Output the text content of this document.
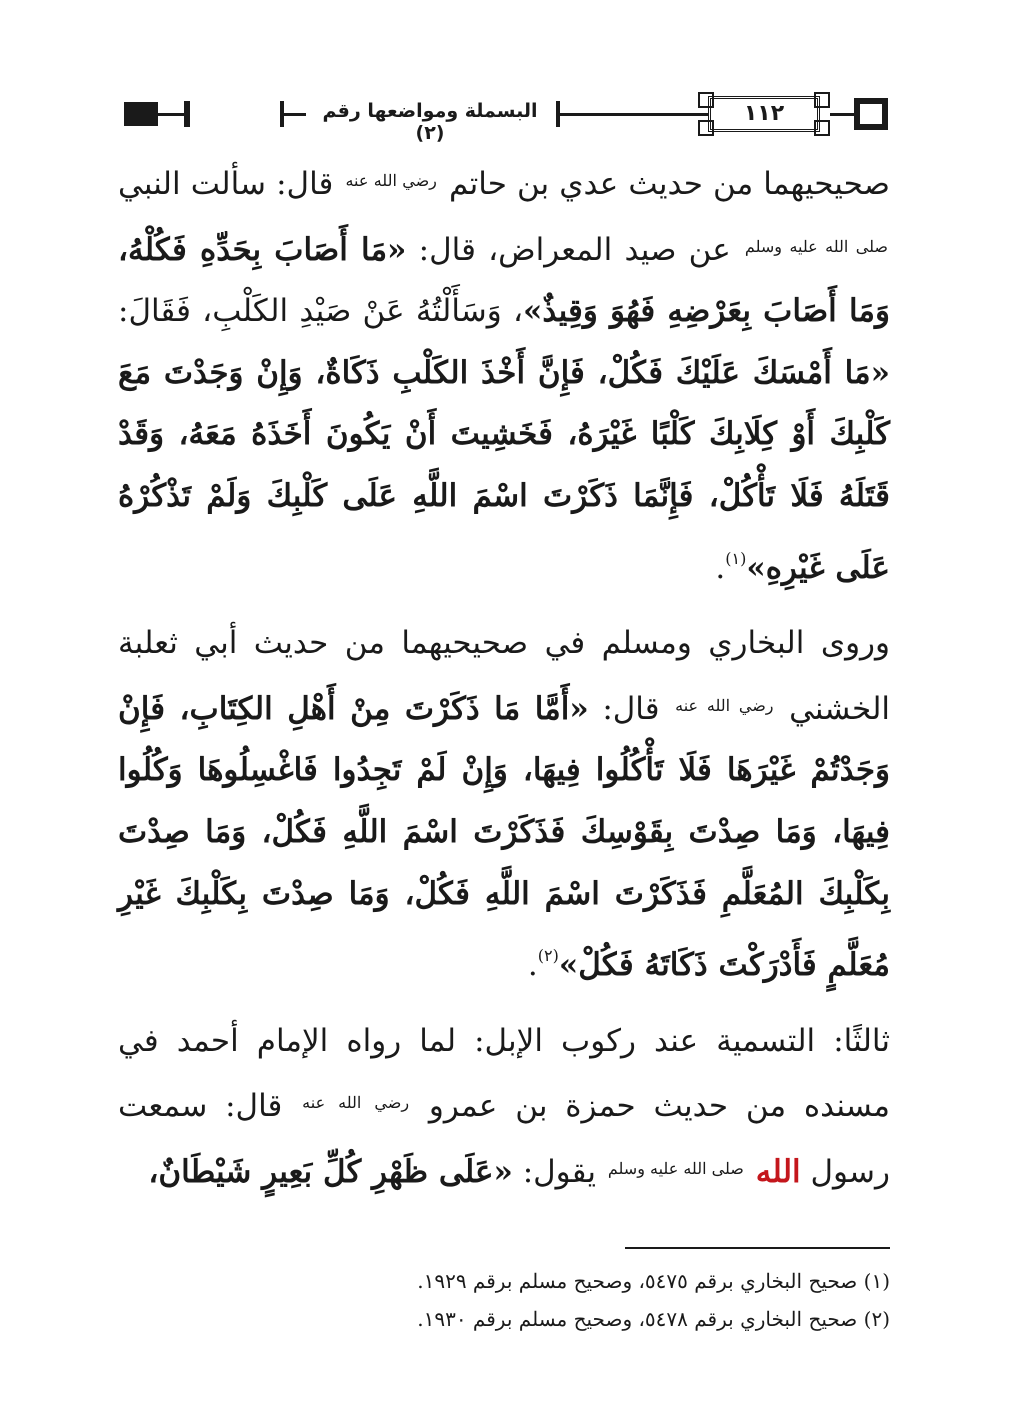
البسملة ومواضعها رقم (٢)
١١٢

صحيحيهما من حديث عدي بن حاتم $^{رضي الله عنه}$ قال: سألت النبي $^{صلى الله عليه وسلم}$ عن صيد المعراض، قال: «مَا أَصَابَ بِحَدِّهِ فَكُلْهُ، وَمَا أَصَابَ بِعَرْضِهِ فَهُوَ وَقِيذٌ»، وَسَأَلْتُهُ عَنْ صَيْدِ الكَلْبِ، فَقَالَ: «مَا أَمْسَكَ عَلَيْكَ فَكُلْ، فَإِنَّ أَخْذَ الكَلْبِ ذَكَاةٌ، وَإِنْ وَجَدْتَ مَعَ كَلْبِكَ أَوْ كِلَابِكَ كَلْبًا غَيْرَهُ، فَخَشِيتَ أَنْ يَكُونَ أَخَذَهُ مَعَهُ، وَقَدْ قَتَلَهُ فَلَا تَأْكُلْ، فَإِنَّمَا ذَكَرْتَ اسْمَ اللَّهِ عَلَى كَلْبِكَ وَلَمْ تَذْكُرْهُ عَلَى غَيْرِهِ»$^{(١)}$.

وروى البخاري ومسلم في صحيحيهما من حديث أبي ثعلبة الخشني $^{رضي الله عنه}$ قال: «أَمَّا مَا ذَكَرْتَ مِنْ أَهْلِ الكِتَابِ، فَإِنْ وَجَدْتُمْ غَيْرَهَا فَلَا تَأْكُلُوا فِيهَا، وَإِنْ لَمْ تَجِدُوا فَاغْسِلُوهَا وَكُلُوا فِيهَا، وَمَا صِدْتَ بِقَوْسِكَ فَذَكَرْتَ اسْمَ اللَّهِ فَكُلْ، وَمَا صِدْتَ بِكَلْبِكَ المُعَلَّمِ فَذَكَرْتَ اسْمَ اللَّهِ فَكُلْ، وَمَا صِدْتَ بِكَلْبِكَ غَيْرِ مُعَلَّمٍ فَأَدْرَكْتَ ذَكَاتَهُ فَكُلْ»$^{(٢)}$.

ثالثًا: التسمية عند ركوب الإبل: لما رواه الإمام أحمد في مسنده من حديث حمزة بن عمرو $^{رضي الله عنه}$ قال: سمعت رسول الله $^{صلى الله عليه وسلم}$ يقول: «عَلَى ظَهْرِ كُلِّ بَعِيرٍ شَيْطَانٌ،

(١) صحيح البخاري برقم ٥٤٧٥، وصحيح مسلم برقم ١٩٢٩.

(٢) صحيح البخاري برقم ٥٤٧٨، وصحيح مسلم برقم ١٩٣٠.
